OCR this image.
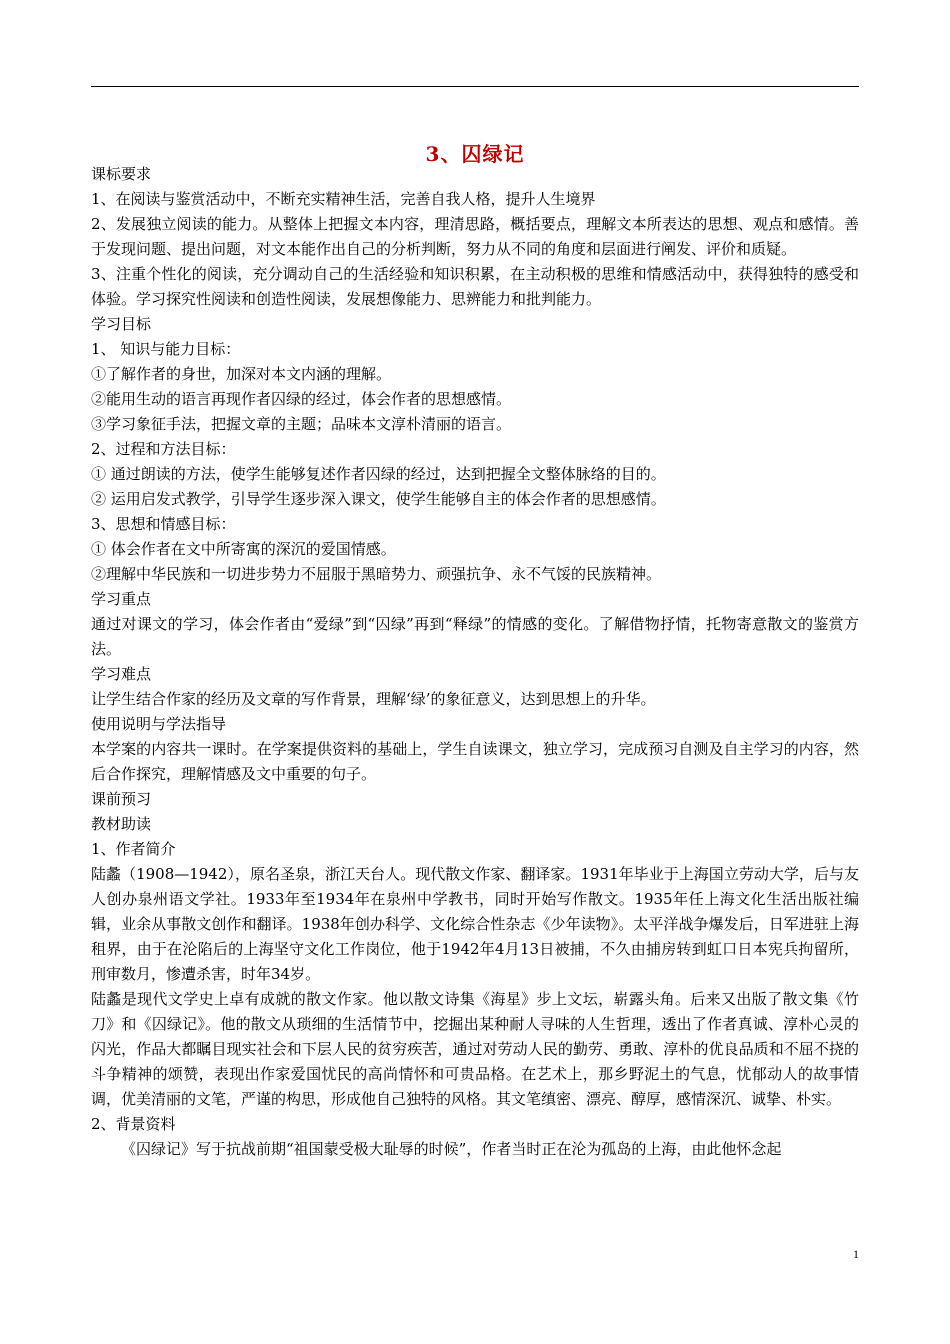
3、囚绿记

课标要求

1、在阅读与鉴赏活动中，不断充实精神生活，完善自我人格，提升人生境界

2、发展独立阅读的能力。从整体上把握文本内容，理清思路，概括要点，理解文本所表达的思想、观点和感情。善于发现问题、提出问题，对文本能作出自己的分析判断，努力从不同的角度和层面进行阐发、评价和质疑。

3、注重个性化的阅读，充分调动自己的生活经验和知识积累，在主动积极的思维和情感活动中，获得独特的感受和体验。学习探究性阅读和创造性阅读，发展想像能力、思辨能力和批判能力。

学习目标

1、 知识与能力目标：

①了解作者的身世，加深对本文内涵的理解。

②能用生动的语言再现作者囚绿的经过，体会作者的思想感情。

③学习象征手法，把握文章的主题；品味本文淳朴清丽的语言。

2、过程和方法目标：

① 通过朗读的方法，使学生能够复述作者囚绿的经过，达到把握全文整体脉络的目的。

② 运用启发式教学，引导学生逐步深入课文，使学生能够自主的体会作者的思想感情。

3、思想和情感目标：

① 体会作者在文中所寄寓的深沉的爱国情感。

②理解中华民族和一切进步势力不屈服于黑暗势力、顽强抗争、永不气馁的民族精神。

学习重点

通过对课文的学习，体会作者由“爱绿”到“囚绿”再到“释绿”的情感的变化。了解借物抒情，托物寄意散文的鉴赏方法。

学习难点

让学生结合作家的经历及文章的写作背景，理解‘绿’的象征意义，达到思想上的升华。

使用说明与学法指导

本学案的内容共一课时。在学案提供资料的基础上，学生自读课文，独立学习，完成预习自测及自主学习的内容，然后合作探究，理解情感及文中重要的句子。

课前预习

教材助读

1、作者简介

陆蠡（1908—1942），原名圣泉，浙江天台人。现代散文作家、翻译家。1931年毕业于上海国立劳动大学，后与友人创办泉州语文学社。1933年至1934年在泉州中学教书，同时开始写作散文。1935年任上海文化生活出版社编辑，业余从事散文创作和翻译。1938年创办科学、文化综合性杂志《少年读物》。太平洋战争爆发后，日军进驻上海租界，由于在沦陷后的上海坚守文化工作岗位，他于1942年4月13日被捕，不久由捕房转到虹口日本宪兵拘留所，刑审数月，惨遭杀害，时年34岁。

陆蠡是现代文学史上卓有成就的散文作家。他以散文诗集《海星》步上文坛，崭露头角。后来又出版了散文集《竹刀》和《囚绿记》。他的散文从琐细的生活情节中，挖掘出某种耐人寻味的人生哲理，透出了作者真诚、淳朴心灵的闪光，作品大都瞩目现实社会和下层人民的贫穷疾苦，通过对劳动人民的勤劳、勇敢、淳朴的优良品质和不屈不挠的斗争精神的颂赞，表现出作家爱国忧民的高尚情怀和可贵品格。在艺术上，那乡野泥土的气息，忧郁动人的故事情调，优美清丽的文笔，严谨的构思，形成他自己独特的风格。其文笔缜密、漂亮、醇厚，感情深沉、诚挚、朴实。

2、背景资料

《囚绿记》写于抗战前期“祖国蒙受极大耻辱的时候”，作者当时正在沦为孤岛的上海，由此他怀念起

1
